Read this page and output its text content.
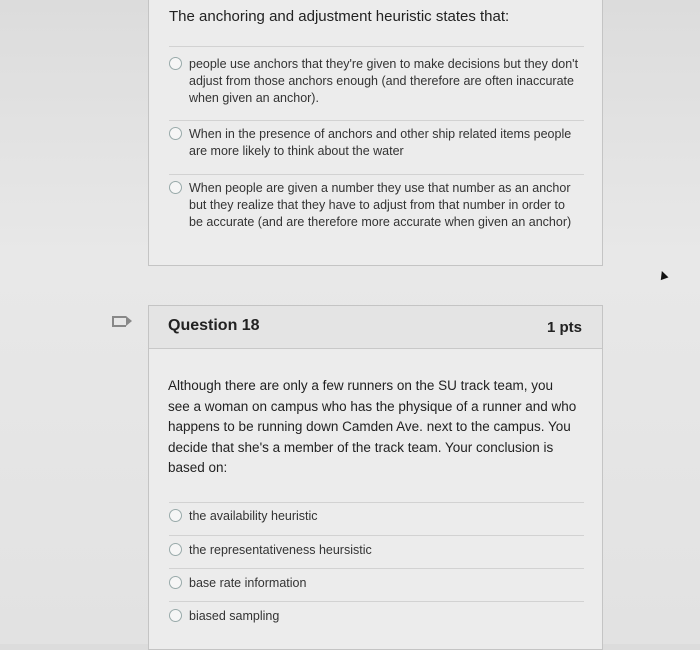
The anchoring and adjustment heuristic states that:
people use anchors that they're given to make decisions but they don't adjust from those anchors enough (and therefore are often inaccurate when given an anchor).
When in the presence of anchors and other ship related items people are more likely to think about the water
When people are given a number they use that number as an anchor but they realize that they have to adjust from that number in order to be accurate (and are therefore more accurate when given an anchor)
▲
Question 18	1 pts
Although there are only a few runners on the SU track team, you see a woman on campus who has the physique of a runner and who happens to be running down Camden Ave. next to the campus. You decide that she's a member of the track team. Your conclusion is based on:
the availability heuristic
the representativeness heursistic
base rate information
biased sampling
